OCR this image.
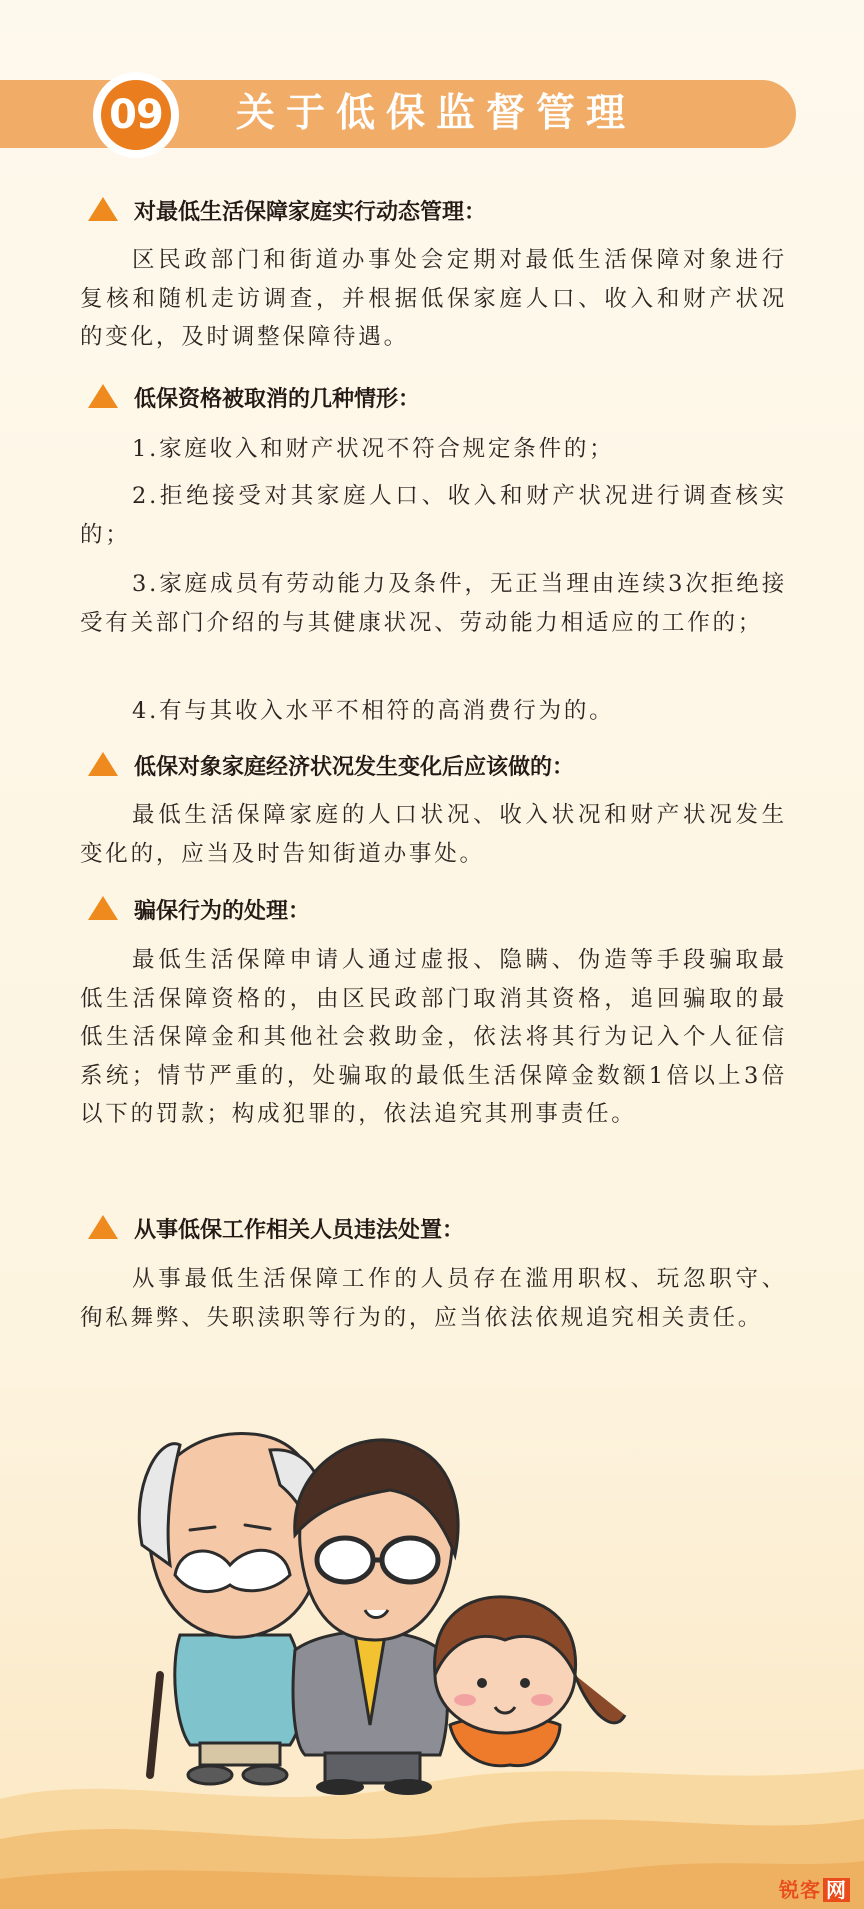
09 关于低保监督管理
对最低生活保障家庭实行动态管理：
区民政部门和街道办事处会定期对最低生活保障对象进行复核和随机走访调查，并根据低保家庭人口、收入和财产状况的变化，及时调整保障待遇。
低保资格被取消的几种情形：
1.家庭收入和财产状况不符合规定条件的；
2.拒绝接受对其家庭人口、收入和财产状况进行调查核实的；
3.家庭成员有劳动能力及条件，无正当理由连续3次拒绝接受有关部门介绍的与其健康状况、劳动能力相适应的工作的；
4.有与其收入水平不相符的高消费行为的。
低保对象家庭经济状况发生变化后应该做的：
最低生活保障家庭的人口状况、收入状况和财产状况发生变化的，应当及时告知街道办事处。
骗保行为的处理：
最低生活保障申请人通过虚报、隐瞒、伪造等手段骗取最低生活保障资格的，由区民政部门取消其资格，追回骗取的最低生活保障金和其他社会救助金，依法将其行为记入个人征信系统；情节严重的，处骗取的最低生活保障金数额1倍以上3倍以下的罚款；构成犯罪的，依法追究其刑事责任。
从事低保工作相关人员违法处置：
从事最低生活保障工作的人员存在滥用职权、玩忽职守、徇私舞弊、失职渎职等行为的，应当依法依规追究相关责任。
锐客 网
